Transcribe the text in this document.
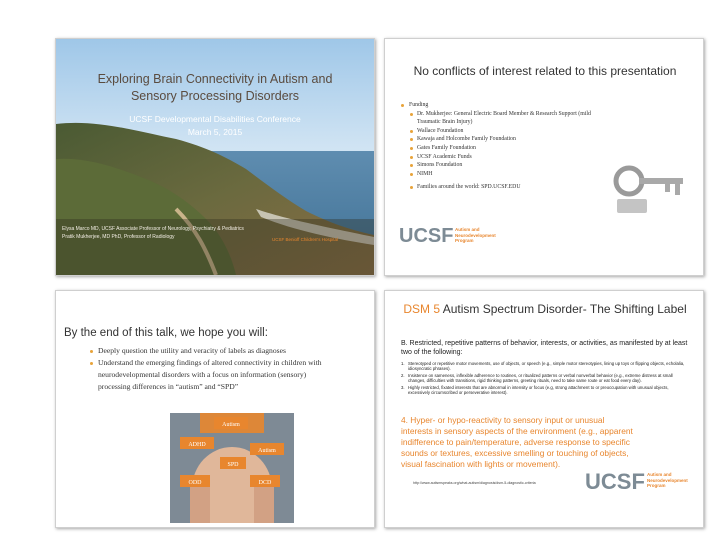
Exploring Brain Connectivity in Autism and Sensory Processing Disorders
UCSF Developmental Disabilities Conference
March 5, 2015
Elysa Marco MD, UCSF Associate Professor of Neurology, Psychiatry & Pediatrics
Pratik Mukherjee, MD PhD, Professor of Radiology	UCSF Benioff Children's Hospital
No conflicts of interest related to this presentation
Funding
Dr. Mukherjee: General Electric Board Member & Research Support (mild Traumatic Brain Injury)
Wallace Foundation
Kawaja and Holcombe Family Foundation
Gates Family Foundation
UCSF Academic Funds
Simons Foundation
NIMH
Families around the world: SPD.UCSF.EDU
UCSF Autism and
Neurodevelopment
Program
By the end of this talk, we hope you will:
Deeply question the utility and veracity of labels as diagnoses
Understand the emerging findings of altered connectivity in children with neurodevelopmental disorders with a focus on information (sensory) processing differences in “autism” and “SPD”
Autism
ADHD
Autism
SPD
ODD	DCD
DSM 5 Autism Spectrum Disorder- The Shifting Label
B. Restricted, repetitive patterns of behavior, interests, or activities, as manifested by at least two of the following:
1. Stereotyped or repetitive motor movements, use of objects, or speech (e.g., simple motor stereotypies, lining up toys or flipping objects, echolalia, idiosyncratic phrases).
2. Insistence on sameness, inflexible adherence to routines, or ritualized patterns or verbal nonverbal behavior (e.g., extreme distress at small changes, difficulties with transitions, rigid thinking patterns, greeting rituals, need to take same route or eat food every day).
3. Highly restricted, fixated interests that are abnormal in intensity or focus (e.g, strong attachment to or preoccupation with unusual objects, excessively circumscribed or perseverative interest).
4. Hyper- or hypo-reactivity to sensory input or unusual interests in sensory aspects of the environment (e.g., apparent indifference to pain/temperature, adverse response to specific sounds or textures, excessive smelling or touching of objects, visual fascination with lights or movement).
UCSF Autism and
Neurodevelopment
Program
http://www.autismspeaks.org/what-autism/diagnosis/dsm-5-diagnostic-criteria
